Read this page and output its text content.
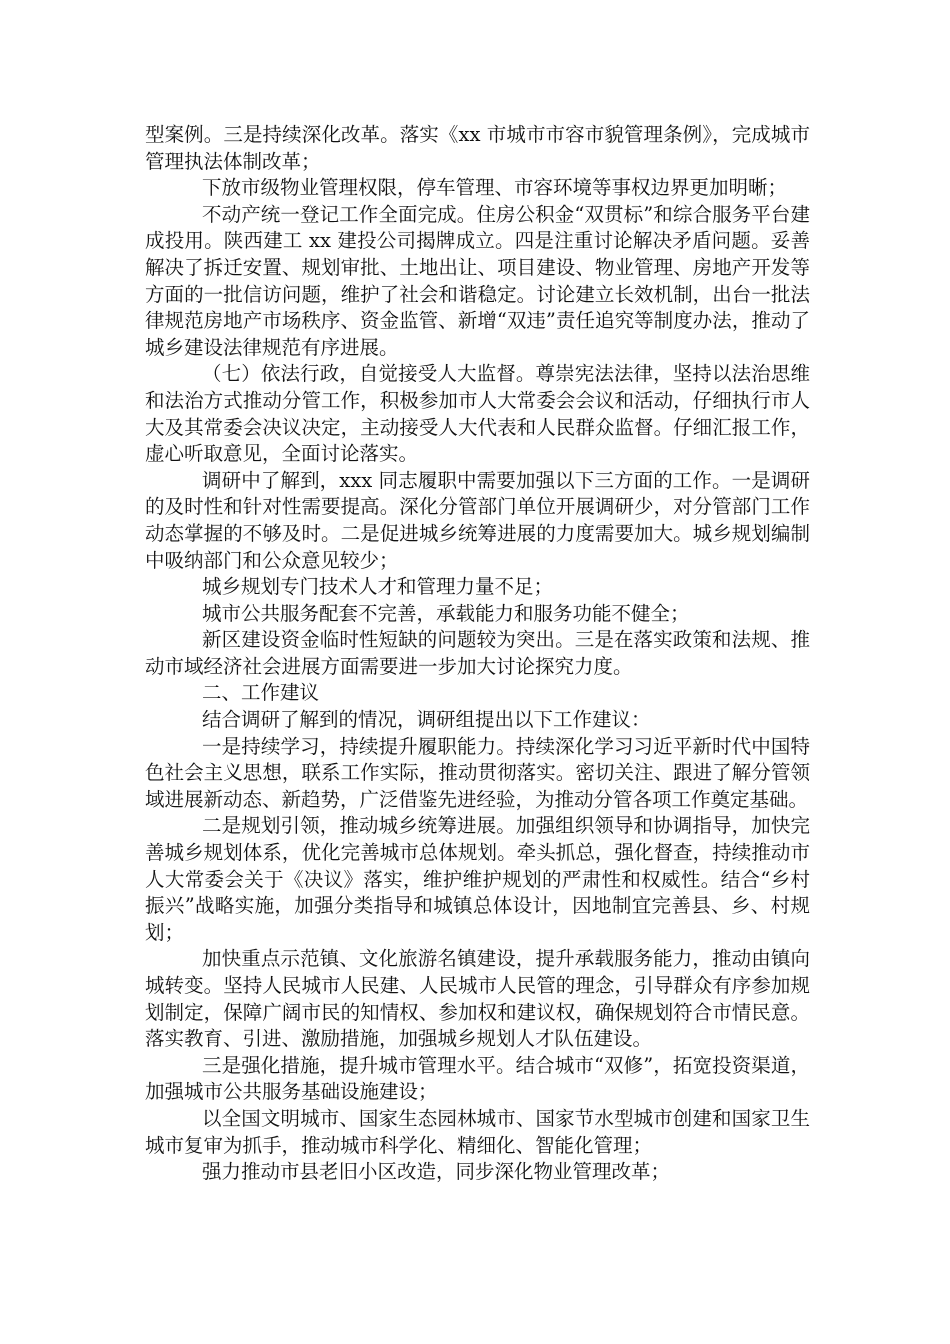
型案例。三是持续深化改革。落实《xx 市城市市容市貌管理条例》，完成城市管理执法体制改革；

下放市级物业管理权限，停车管理、市容环境等事权边界更加明晰；

不动产统一登记工作全面完成。住房公积金“双贯标”和综合服务平台建成投用。陕西建工 xx 建投公司揭牌成立。四是注重讨论解决矛盾问题。妥善解决了拆迁安置、规划审批、土地出让、项目建设、物业管理、房地产开发等方面的一批信访问题，维护了社会和谐稳定。讨论建立长效机制，出台一批法律规范房地产市场秩序、资金监管、新增“双违”责任追究等制度办法，推动了城乡建设法律规范有序进展。

（七）依法行政，自觉接受人大监督。尊崇宪法法律，坚持以法治思维和法治方式推动分管工作，积极参加市人大常委会会议和活动，仔细执行市人大及其常委会决议决定，主动接受人大代表和人民群众监督。仔细汇报工作，虚心听取意见，全面讨论落实。

调研中了解到，xxx 同志履职中需要加强以下三方面的工作。一是调研的及时性和针对性需要提高。深化分管部门单位开展调研少，对分管部门工作动态掌握的不够及时。二是促进城乡统筹进展的力度需要加大。城乡规划编制中吸纳部门和公众意见较少；

城乡规划专门技术人才和管理力量不足；

城市公共服务配套不完善，承载能力和服务功能不健全；

新区建设资金临时性短缺的问题较为突出。三是在落实政策和法规、推动市域经济社会进展方面需要进一步加大讨论探究力度。

二、工作建议

结合调研了解到的情况，调研组提出以下工作建议：

一是持续学习，持续提升履职能力。持续深化学习习近平新时代中国特色社会主义思想，联系工作实际，推动贯彻落实。密切关注、跟进了解分管领域进展新动态、新趋势，广泛借鉴先进经验，为推动分管各项工作奠定基础。

二是规划引领，推动城乡统筹进展。加强组织领导和协调指导，加快完善城乡规划体系，优化完善城市总体规划。牵头抓总，强化督查，持续推动市人大常委会关于《决议》落实，维护维护规划的严肃性和权威性。结合“乡村振兴”战略实施，加强分类指导和城镇总体设计，因地制宜完善县、乡、村规划；

加快重点示范镇、文化旅游名镇建设，提升承载服务能力，推动由镇向城转变。坚持人民城市人民建、人民城市人民管的理念，引导群众有序参加规划制定，保障广阔市民的知情权、参加权和建议权，确保规划符合市情民意。落实教育、引进、激励措施，加强城乡规划人才队伍建设。

三是强化措施，提升城市管理水平。结合城市“双修”，拓宽投资渠道，加强城市公共服务基础设施建设；

以全国文明城市、国家生态园林城市、国家节水型城市创建和国家卫生城市复审为抓手，推动城市科学化、精细化、智能化管理；

强力推动市县老旧小区改造，同步深化物业管理改革；
